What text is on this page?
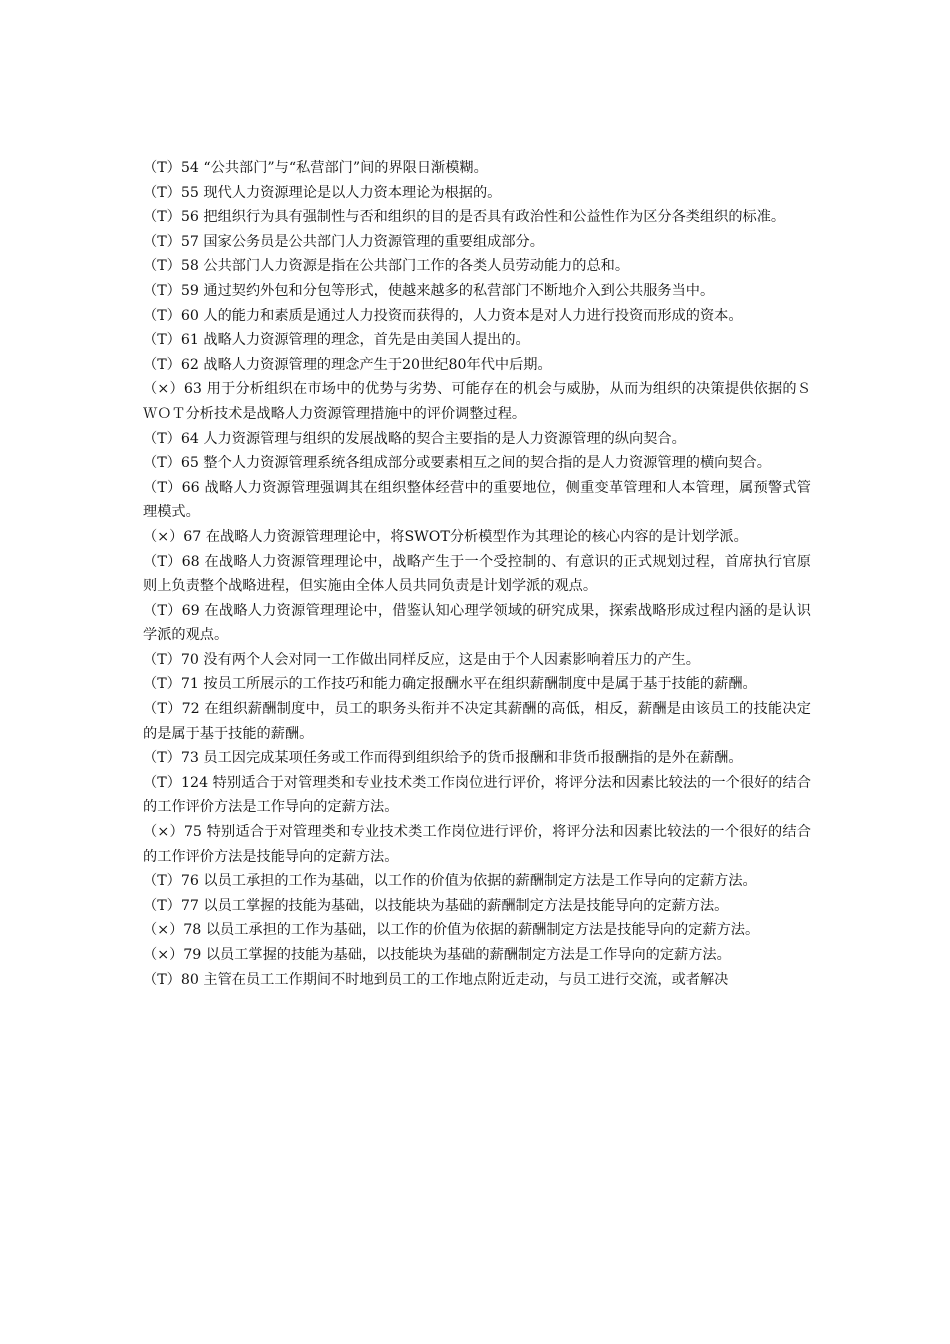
（T）54 “公共部门”与“私营部门”间的界限日渐模糊。

（T）55 现代人力资源理论是以人力资本理论为根据的。

（T）56 把组织行为具有强制性与否和组织的目的是否具有政治性和公益性作为区分各类组织的标准。

（T）57 国家公务员是公共部门人力资源管理的重要组成部分。

（T）58 公共部门人力资源是指在公共部门工作的各类人员劳动能力的总和。

（T）59 通过契约外包和分包等形式，使越来越多的私营部门不断地介入到公共服务当中。

（T）60 人的能力和素质是通过人力投资而获得的，人力资本是对人力进行投资而形成的资本。

（T）61 战略人力资源管理的理念，首先是由美国人提出的。

（T）62 战略人力资源管理的理念产生于20世纪80年代中后期。

（×）63 用于分析组织在市场中的优势与劣势、可能存在的机会与威胁，从而为组织的决策提供依据的ＳＷＯＴ分析技术是战略人力资源管理措施中的评价调整过程。

（T）64 人力资源管理与组织的发展战略的契合主要指的是人力资源管理的纵向契合。

（T）65 整个人力资源管理系统各组成部分或要素相互之间的契合指的是人力资源管理的横向契合。

（T）66 战略人力资源管理强调其在组织整体经营中的重要地位，侧重变革管理和人本管理，属预警式管理模式。

（×）67 在战略人力资源管理理论中，将SWOT分析模型作为其理论的核心内容的是计划学派。

（T）68 在战略人力资源管理理论中，战略产生于一个受控制的、有意识的正式规划过程，首席执行官原则上负责整个战略进程，但实施由全体人员共同负责是计划学派的观点。

（T）69 在战略人力资源管理理论中，借鉴认知心理学领域的研究成果，探索战略形成过程内涵的是认识学派的观点。

（T）70 没有两个人会对同一工作做出同样反应，这是由于个人因素影响着压力的产生。

（T）71 按员工所展示的工作技巧和能力确定报酬水平在组织薪酬制度中是属于基于技能的薪酬。

（T）72 在组织薪酬制度中，员工的职务头衔并不决定其薪酬的高低，相反，薪酬是由该员工的技能决定的是属于基于技能的薪酬。

（T）73 员工因完成某项任务或工作而得到组织给予的货币报酬和非货币报酬指的是外在薪酬。

（T）124 特别适合于对管理类和专业技术类工作岗位进行评价，将评分法和因素比较法的一个很好的结合的工作评价方法是工作导向的定薪方法。

（×）75 特别适合于对管理类和专业技术类工作岗位进行评价，将评分法和因素比较法的一个很好的结合的工作评价方法是技能导向的定薪方法。

（T）76 以员工承担的工作为基础，以工作的价值为依据的薪酬制定方法是工作导向的定薪方法。

（T）77 以员工掌握的技能为基础，以技能块为基础的薪酬制定方法是技能导向的定薪方法。

（×）78 以员工承担的工作为基础，以工作的价值为依据的薪酬制定方法是技能导向的定薪方法。

（×）79 以员工掌握的技能为基础，以技能块为基础的薪酬制定方法是工作导向的定薪方法。

（T）80 主管在员工工作期间不时地到员工的工作地点附近走动，与员工进行交流，或者解决
